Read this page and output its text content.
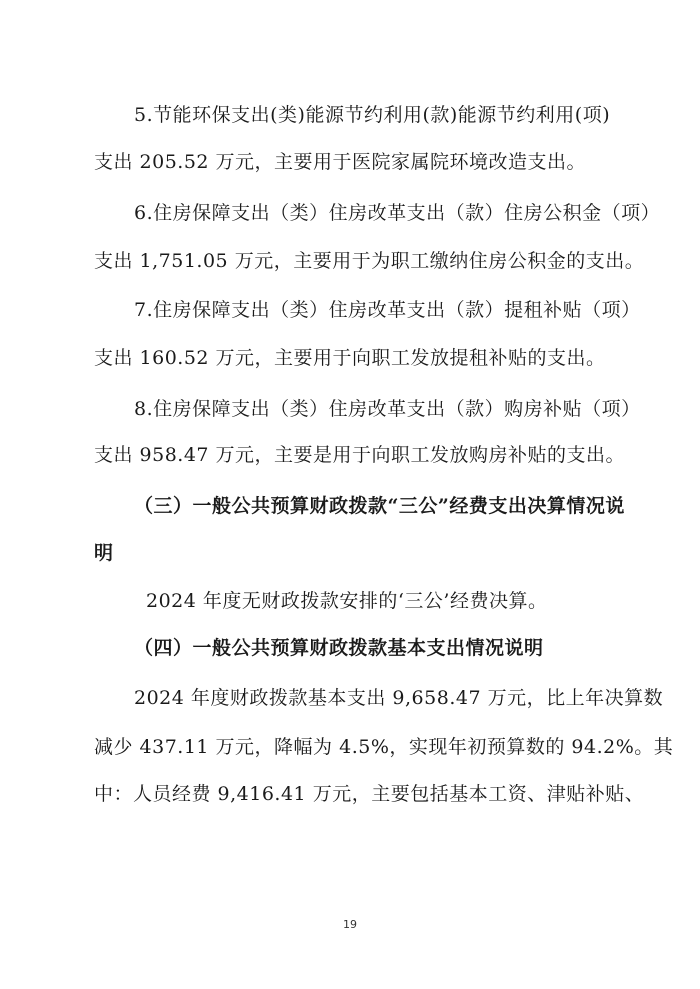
5.节能环保支出(类)能源节约利用(款)能源节约利用(项)
支出 205.52 万元，主要用于医院家属院环境改造支出。
6.住房保障支出（类）住房改革支出（款）住房公积金（项）
支出 1,751.05 万元，主要用于为职工缴纳住房公积金的支出。
7.住房保障支出（类）住房改革支出（款）提租补贴（项）
支出 160.52 万元，主要用于向职工发放提租补贴的支出。
8.住房保障支出（类）住房改革支出（款）购房补贴（项）
支出 958.47 万元，主要是用于向职工发放购房补贴的支出。
（三）一般公共预算财政拨款“三公”经费支出决算情况说
明
2024 年度无财政拨款安排的‘三公’经费决算。
（四）一般公共预算财政拨款基本支出情况说明
2024 年度财政拨款基本支出 9,658.47 万元，比上年决算数
减少 437.11 万元，降幅为 4.5%，实现年初预算数的 94.2%。其
中：人员经费 9,416.41 万元，主要包括基本工资、津贴补贴、
19
